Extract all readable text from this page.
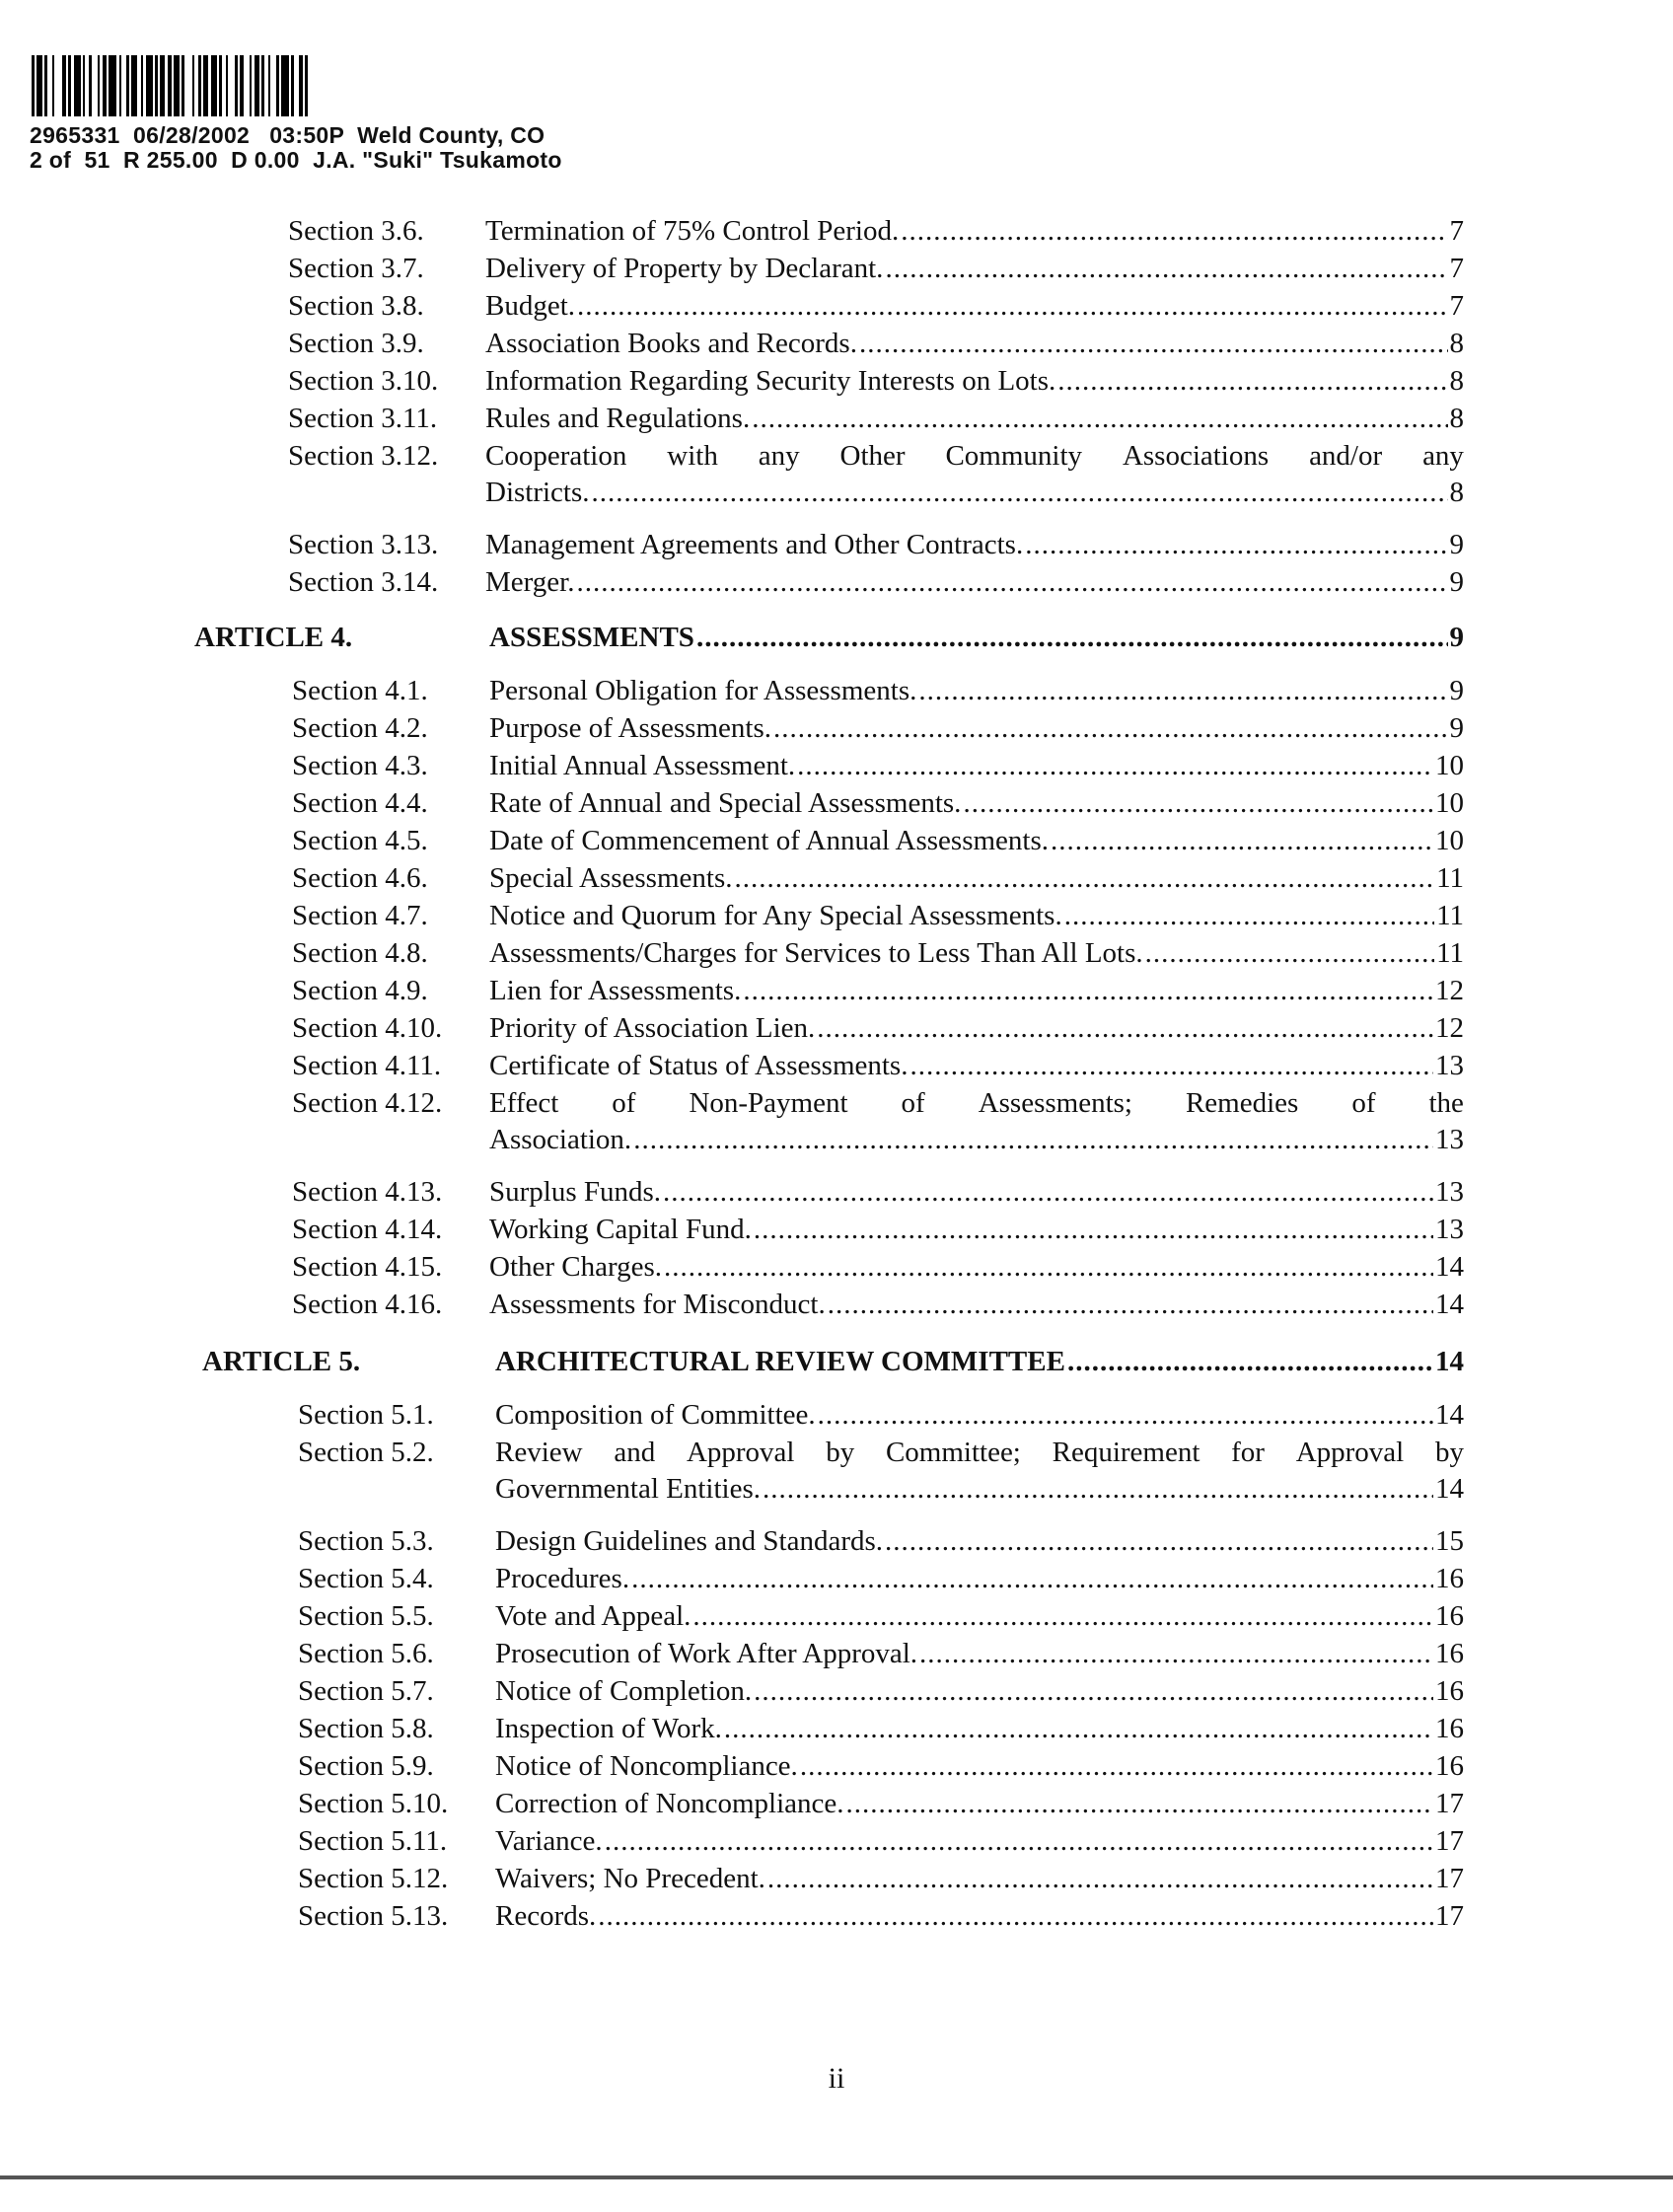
2965331  06/28/2002   03:50P  Weld County, CO
2 of  51  R 255.00  D 0.00  J.A. "Suki" Tsukamoto
Section 3.6. Termination of 75% Control Period. .....	7
Section 3.7. Delivery of Property by Declarant. .....	7
Section 3.8. Budget. .....	7
Section 3.9. Association Books and Records. .....	8
Section 3.10. Information Regarding Security Interests on Lots. .....	8
Section 3.11. Rules and Regulations. .....	8
Section 3.12. Cooperation with any Other Community Associations and/or any
Districts. .....	8
Section 3.13. Management Agreements and Other Contracts. .....	9
Section 3.14. Merger. .....	9
ARTICLE 4.	ASSESSMENTS .....	9
Section 4.1. Personal Obligation for Assessments. .....	9
Section 4.2. Purpose of Assessments. .....	9
Section 4.3. Initial Annual Assessment. .....	10
Section 4.4. Rate of Annual and Special Assessments. .....	10
Section 4.5. Date of Commencement of Annual Assessments. .....	10
Section 4.6. Special Assessments. .....	11
Section 4.7. Notice and Quorum for Any Special Assessments. .....	11
Section 4.8. Assessments/Charges for Services to Less Than All Lots. .....	11
Section 4.9. Lien for Assessments. .....	12
Section 4.10. Priority of Association Lien. .....	12
Section 4.11. Certificate of Status of Assessments. .....	13
Section 4.12. Effect of Non-Payment of Assessments; Remedies of the
Association. .....	13
Section 4.13. Surplus Funds. .....	13
Section 4.14. Working Capital Fund. .....	13
Section 4.15. Other Charges. .....	14
Section 4.16. Assessments for Misconduct. .....	14
ARTICLE 5.	ARCHITECTURAL REVIEW COMMITTEE .....	14
Section 5.1. Composition of Committee. .....	14
Section 5.2. Review and Approval by Committee; Requirement for Approval by
Governmental Entities. .....	14
Section 5.3. Design Guidelines and Standards. .....	15
Section 5.4. Procedures. .....	16
Section 5.5. Vote and Appeal. .....	16
Section 5.6. Prosecution of Work After Approval. .....	16
Section 5.7. Notice of Completion. .....	16
Section 5.8. Inspection of Work. .....	16
Section 5.9. Notice of Noncompliance. .....	16
Section 5.10. Correction of Noncompliance. .....	17
Section 5.11. Variance. .....	17
Section 5.12. Waivers; No Precedent. .....	17
Section 5.13. Records. .....	17
ii
